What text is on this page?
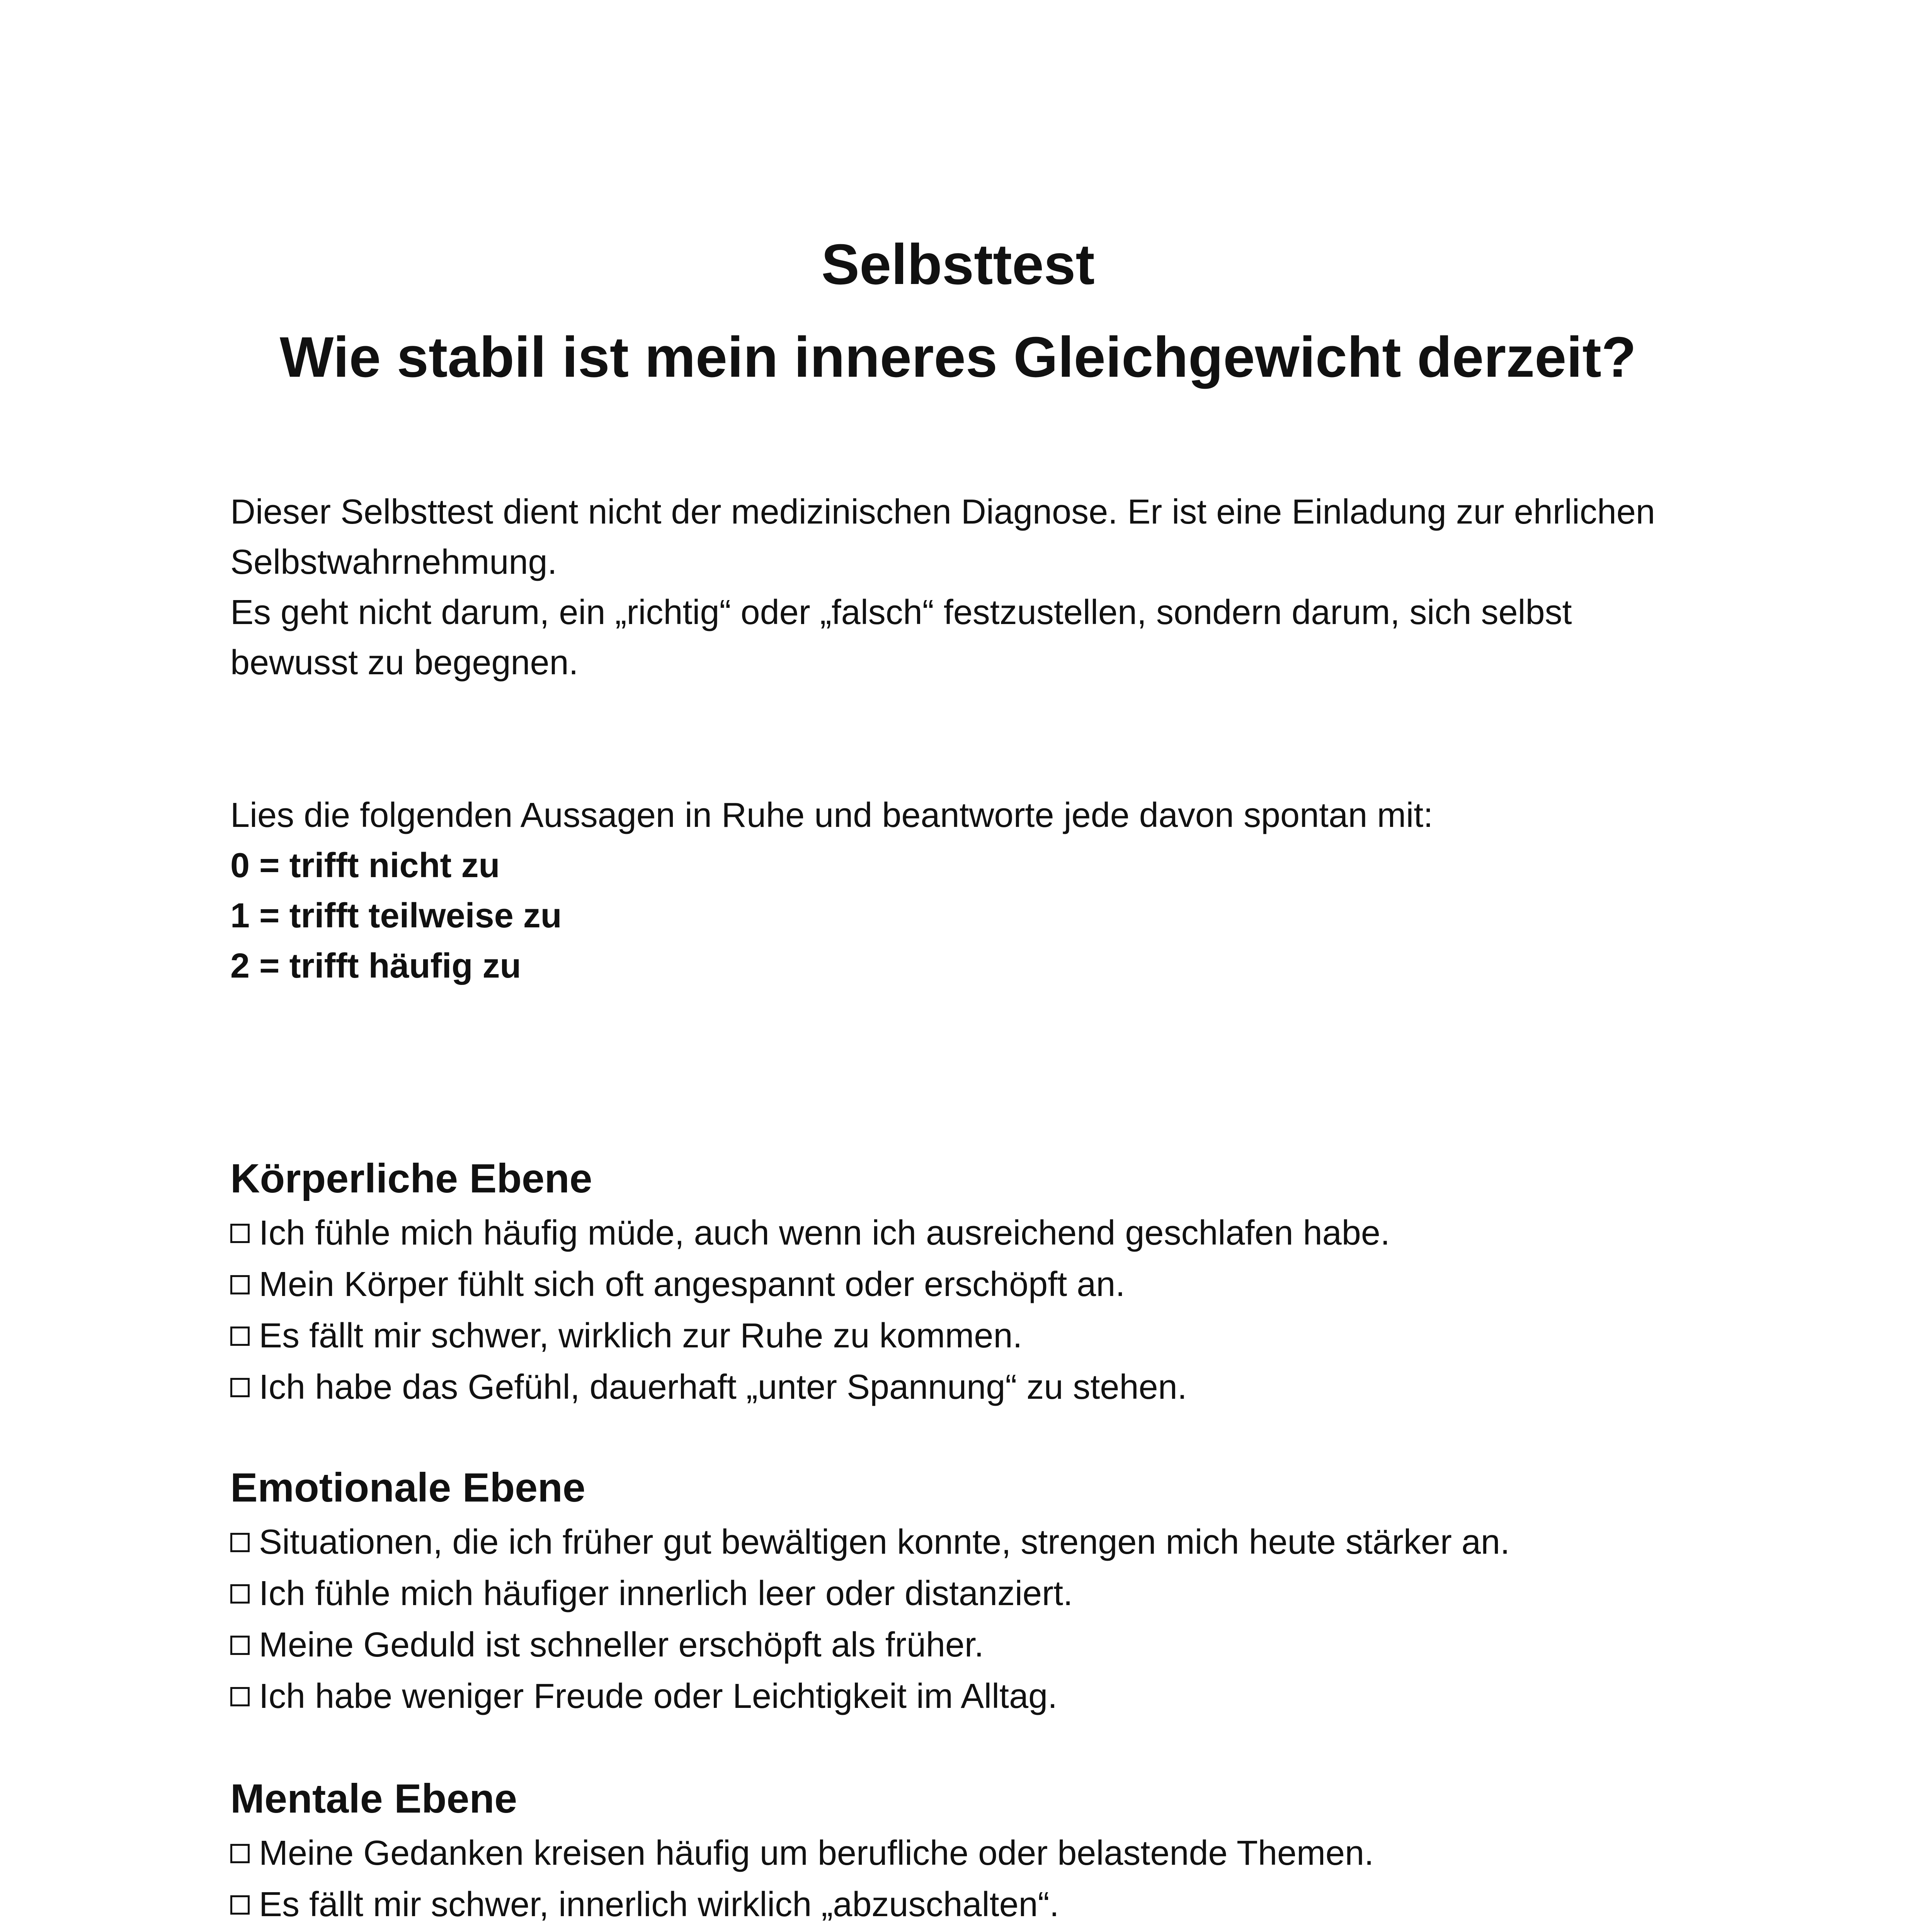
Selbsttest
Wie stabil ist mein inneres Gleichgewicht derzeit?
Dieser Selbsttest dient nicht der medizinischen Diagnose. Er ist eine Einladung zur ehrlichen
Selbstwahrnehmung.
Es geht nicht darum, ein „richtig“ oder „falsch“ festzustellen, sondern darum, sich selbst
bewusst zu begegnen.
Lies die folgenden Aussagen in Ruhe und beantworte jede davon spontan mit:
0 = trifft nicht zu
1 = trifft teilweise zu
2 = trifft häufig zu
Körperliche Ebene
Ich fühle mich häufig müde, auch wenn ich ausreichend geschlafen habe.
Mein Körper fühlt sich oft angespannt oder erschöpft an.
Es fällt mir schwer, wirklich zur Ruhe zu kommen.
Ich habe das Gefühl, dauerhaft „unter Spannung“ zu stehen.
Emotionale Ebene
Situationen, die ich früher gut bewältigen konnte, strengen mich heute stärker an.
Ich fühle mich häufiger innerlich leer oder distanziert.
Meine Geduld ist schneller erschöpft als früher.
Ich habe weniger Freude oder Leichtigkeit im Alltag.
Mentale Ebene
Meine Gedanken kreisen häufig um berufliche oder belastende Themen.
Es fällt mir schwer, innerlich wirklich „abzuschalten“.
